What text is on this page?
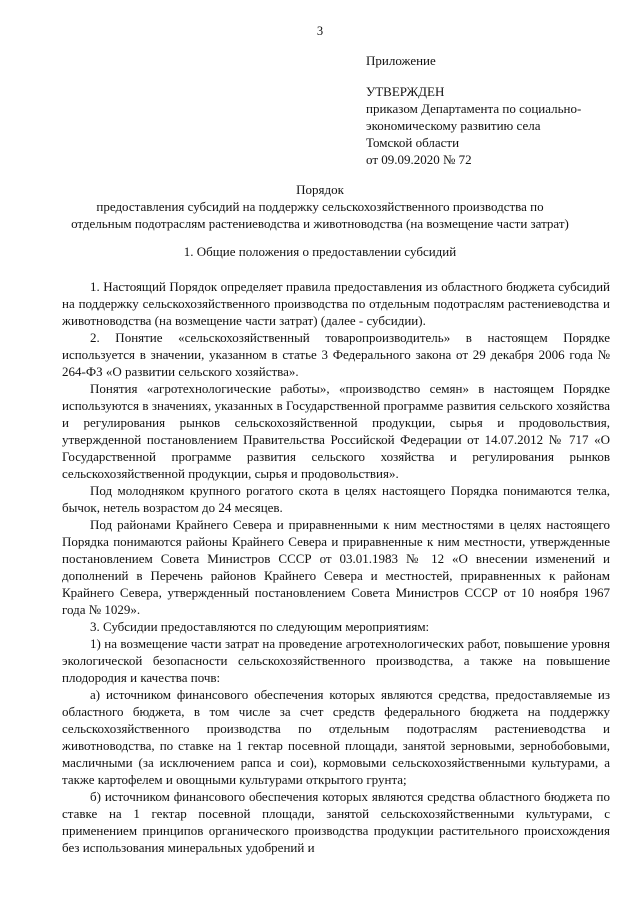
3
Приложение
УТВЕРЖДЕН
приказом Департамента по социально-
экономическому развитию села
Томской области
от 09.09.2020 № 72
Порядок
предоставления субсидий на поддержку сельскохозяйственного производства по
отдельным подотраслям растениеводства и животноводства (на возмещение части затрат)
1. Общие положения о предоставлении субсидий

1. Настоящий Порядок определяет правила предоставления из областного бюджета субсидий на поддержку сельскохозяйственного производства по отдельным подотраслям растениеводства и животноводства (на возмещение части затрат) (далее - субсидии).

2. Понятие «сельскохозяйственный товаропроизводитель» в настоящем Порядке используется в значении, указанном в статье 3 Федерального закона от 29 декабря 2006 года № 264-ФЗ «О развитии сельского хозяйства».

Понятия «агротехнологические работы», «производство семян» в настоящем Порядке используются в значениях, указанных в Государственной программе развития сельского хозяйства и регулирования рынков сельскохозяйственной продукции, сырья и продовольствия, утвержденной постановлением Правительства Российской Федерации от 14.07.2012 № 717 «О Государственной программе развития сельского хозяйства и регулирования рынков сельскохозяйственной продукции, сырья и продовольствия».

Под молодняком крупного рогатого скота в целях настоящего Порядка понимаются телка, бычок, нетель возрастом до 24 месяцев.

Под районами Крайнего Севера и приравненными к ним местностями в целях настоящего Порядка понимаются районы Крайнего Севера и приравненные к ним местности, утвержденные постановлением Совета Министров СССР от 03.01.1983 № 12 «О внесении изменений и дополнений в Перечень районов Крайнего Севера и местностей, приравненных к районам Крайнего Севера, утвержденный постановлением Совета Министров СССР от 10 ноября 1967 года № 1029».

3. Субсидии предоставляются по следующим мероприятиям:

1) на возмещение части затрат на проведение агротехнологических работ, повышение уровня экологической безопасности сельскохозяйственного производства, а также на повышение плодородия и качества почв:

а) источником финансового обеспечения которых являются средства, предоставляемые из областного бюджета, в том числе за счет средств федерального бюджета на поддержку сельскохозяйственного производства по отдельным подотраслям растениеводства и животноводства, по ставке на 1 гектар посевной площади, занятой зерновыми, зернобобовыми, масличными (за исключением рапса и сои), кормовыми сельскохозяйственными культурами, а также картофелем и овощными культурами открытого грунта;

б) источником финансового обеспечения которых являются средства областного бюджета по ставке на 1 гектар посевной площади, занятой сельскохозяйственными культурами, с применением принципов органического производства продукции растительного происхождения без использования минеральных удобрений и
